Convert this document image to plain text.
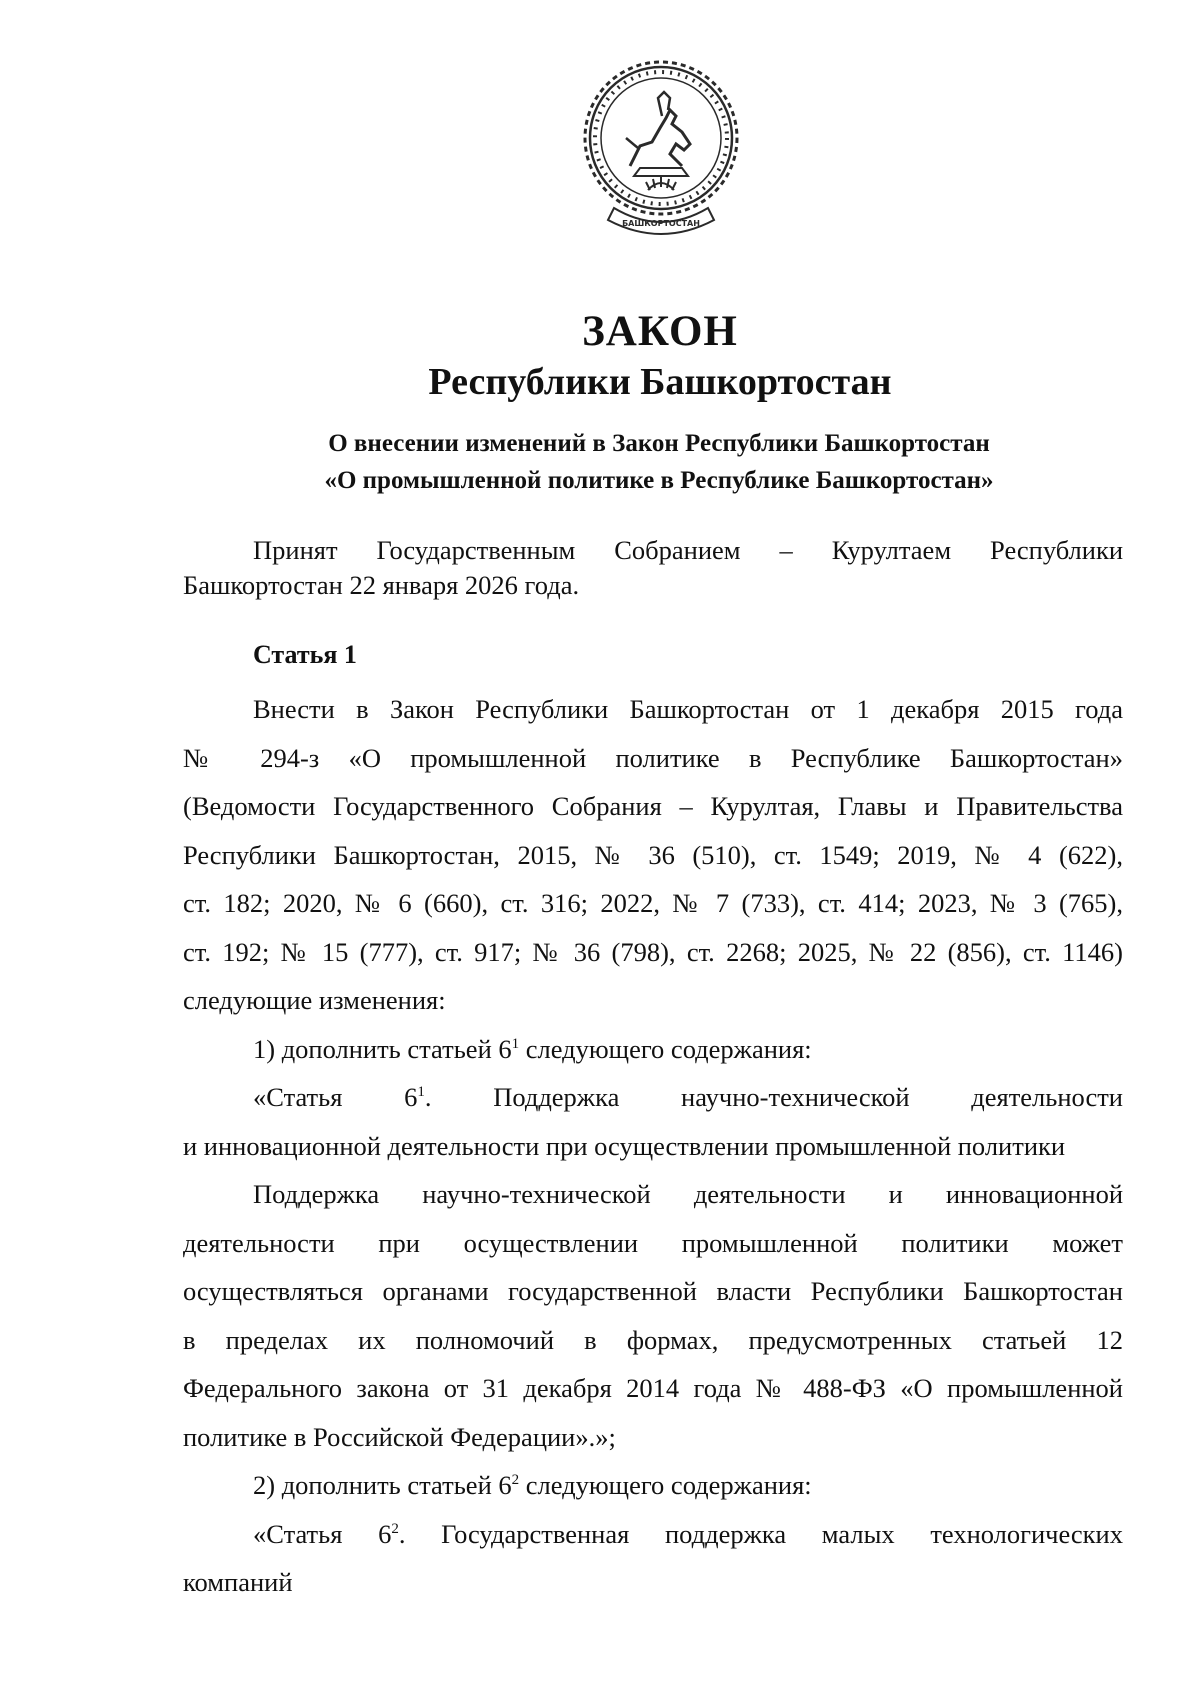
БАШКОРТОСТАН
ЗАКОН
Республики Башкортостан
О внесении изменений в Закон Республики Башкортостан
«О промышленной политике в Республике Башкортостан»

Принят Государственным Собранием – Курултаем Республики

Башкортостан 22 января 2026 года.

Статья 1

Внести в Закон Республики Башкортостан от 1 декабря 2015 года

№ 294-з «О промышленной политике в Республике Башкортостан»

(Ведомости Государственного Собрания – Курултая, Главы и Правительства

Республики Башкортостан, 2015, № 36 (510), ст. 1549; 2019, № 4 (622),

ст. 182; 2020, № 6 (660), ст. 316; 2022, № 7 (733), ст. 414; 2023, № 3 (765),

ст. 192; № 15 (777), ст. 917; № 36 (798), ст. 2268; 2025, № 22 (856), ст. 1146)

следующие изменения:

1) дополнить статьей $6^1$ следующего содержания:

«Статья $6^1$. Поддержка научно-технической деятельности

и инновационной деятельности при осуществлении промышленной политики

Поддержка научно-технической деятельности и инновационной

деятельности при осуществлении промышленной политики может

осуществляться органами государственной власти Республики Башкортостан

в пределах их полномочий в формах, предусмотренных статьей 12

Федерального закона от 31 декабря 2014 года № 488-ФЗ «О промышленной

политике в Российской Федерации».»;

2) дополнить статьей $6^2$ следующего содержания:

«Статья $6^2$. Государственная поддержка малых технологических

компаний
